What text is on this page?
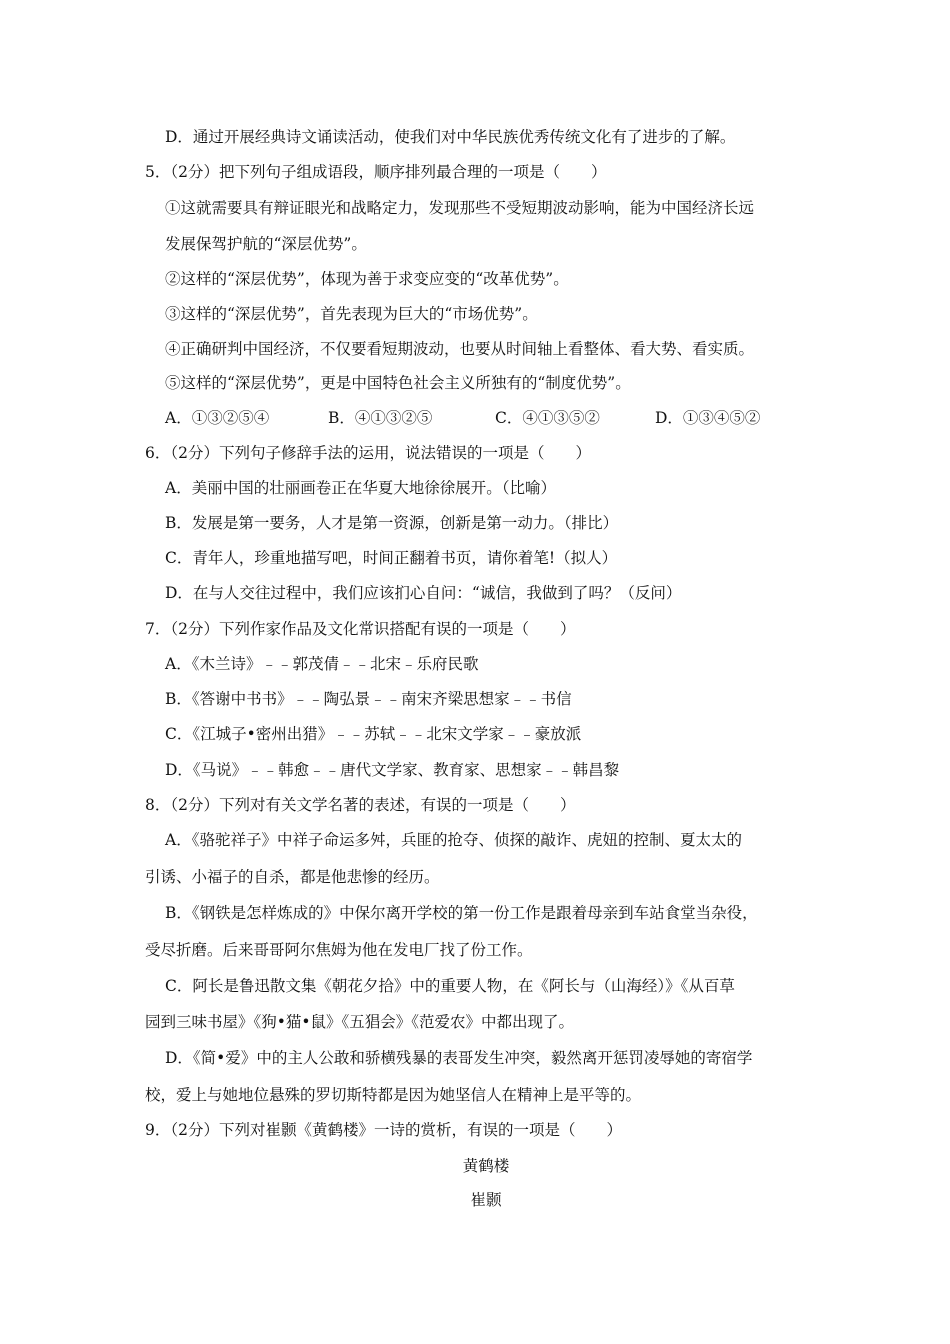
D．通过开展经典诗文诵读活动，使我们对中华民族优秀传统文化有了进步的了解。
5．（2分）把下列句子组成语段，顺序排列最合理的一项是（　　）
①这就需要具有辩证眼光和战略定力，发现那些不受短期波动影响，能为中国经济长远
发展保驾护航的“深层优势”。
②这样的“深层优势”，体现为善于求变应变的“改革优势”。
③这样的“深层优势”，首先表现为巨大的“市场优势”。
④正确研判中国经济，不仅要看短期波动，也要从时间轴上看整体、看大势、看实质。
⑤这样的“深层优势”，更是中国特色社会主义所独有的“制度优势”。
A．①③②⑤④	B．④①③②⑤	C．④①③⑤②	D．①③④⑤②
6．（2分）下列句子修辞手法的运用，说法错误的一项是（　　）
A．美丽中国的壮丽画卷正在华夏大地徐徐展开。（比喻）
B．发展是第一要务，人才是第一资源，创新是第一动力。（排比）
C．青年人，珍重地描写吧，时间正翻着书页，请你着笔!（拟人）
D．在与人交往过程中，我们应该扪心自问：“诚信，我做到了吗？（反问）
7．（2分）下列作家作品及文化常识搭配有误的一项是（　　）
A．《木兰诗》﹣﹣郭茂倩﹣﹣北宋﹣乐府民歌
B．《答谢中书书》﹣﹣陶弘景﹣﹣南宋齐梁思想家﹣﹣书信
C．《江城子•密州出猎》﹣﹣苏轼﹣﹣北宋文学家﹣﹣豪放派
D．《马说》﹣﹣韩愈﹣﹣唐代文学家、教育家、思想家﹣﹣韩昌黎
8．（2分）下列对有关文学名著的表述，有误的一项是（　　）
A．《骆驼祥子》中祥子命运多舛，兵匪的抢夺、侦探的敲诈、虎妞的控制、夏太太的
引诱、小福子的自杀，都是他悲惨的经历。
B．《钢铁是怎样炼成的》中保尔离开学校的第一份工作是跟着母亲到车站食堂当杂役，
受尽折磨。后来哥哥阿尔焦姆为他在发电厂找了份工作。
C．阿长是鲁迅散文集《朝花夕拾》中的重要人物，在《阿长与（山海经）》《从百草
园到三味书屋》《狗•猫•鼠》《五猖会》《范爱农》中都出现了。
D．《简•爱》中的主人公敢和骄横残暴的表哥发生冲突，毅然离开惩罚凌辱她的寄宿学
校，爱上与她地位悬殊的罗切斯特都是因为她坚信人在精神上是平等的。
9．（2分）下列对崔颢《黄鹤楼》一诗的赏析，有误的一项是（　　）
黄鹤楼
崔颢
